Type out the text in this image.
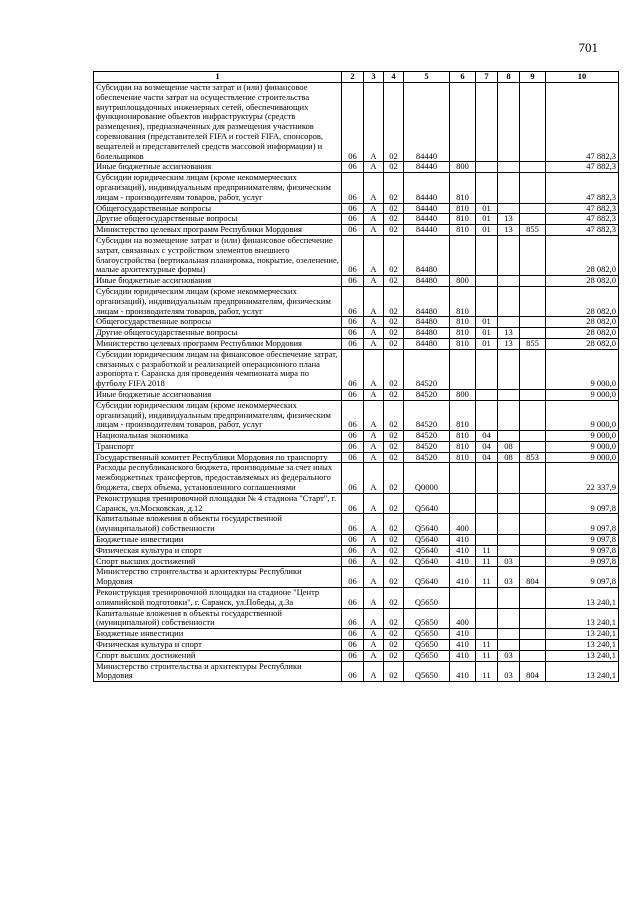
701
1	2	3	4	5	6	7	8	9	10
Субсидии на возмещение части затрат и (или) финансовое обеспечение части затрат на осуществление строительства внутриплощадочных инженерных сетей, обеспечивающих функционирование объектов инфраструктуры (средств размещения), предназначенных для размещения участников соревнования (представителей FIFA и гостей FIFA, спонсоров, вещателей и представителей средств массовой информации) и болельщиков	06	А	02	84440					47 882,3
Иные бюджетные ассигнования	06	А	02	84440	800				47 882,3
Субсидии юридическим лицам (кроме некоммерческих организаций), индивидуальным предпринимателям, физическим лицам - производителям товаров, работ, услуг	06	А	02	84440	810				47 882,3
Общегосударственные вопросы	06	А	02	84440	810	01			47 882,3
Другие общегосударственные вопросы	06	А	02	84440	810	01	13		47 882,3
Министерство целевых программ Республики Мордовия	06	А	02	84440	810	01	13	855	47 882,3
Субсидии на возмещение затрат и (или) финансовое обеспечение затрат, связанных с устройством элементов внешнего благоустройства (вертикальная планировка, покрытие, озеленение, малые архитектурные формы)	06	А	02	84480					28 082,0
Иные бюджетные ассигнования	06	А	02	84480	800				28 082,0
Субсидии юридическим лицам (кроме некоммерческих организаций), индивидуальным предпринимателям, физическим лицам - производителям товаров, работ, услуг	06	А	02	84480	810				28 082,0
Общегосударственные вопросы	06	А	02	84480	810	01			28 082,0
Другие общегосударственные вопросы	06	А	02	84480	810	01	13		28 082,0
Министерство целевых программ Республики Мордовия	06	А	02	84480	810	01	13	855	28 082,0
Субсидии юридическим лицам на финансовое обеспечение затрат, связанных с разработкой и реализацией операционного плана аэропорта г. Саранска для проведения чемпионата мира по футболу FIFA 2018	06	А	02	84520					9 000,0
Иные бюджетные ассигнования	06	А	02	84520	800				9 000,0
Субсидии юридическим лицам (кроме некоммерческих организаций), индивидуальным предпринимателям, физическим лицам - производителям товаров, работ, услуг	06	А	02	84520	810				9 000,0
Национальная экономика	06	А	02	84520	810	04			9 000,0
Транспорт	06	А	02	84520	810	04	08		9 000,0
Государственный комитет Республики Мордовия по транспорту	06	А	02	84520	810	04	08	853	9 000,0
Расходы республиканского бюджета, производимые за счет иных межбюджетных трансфертов, предоставляемых из федерального бюджета, сверх объема, установленного соглашениями	06	А	02	Q0000					22 337,9
Реконструкция тренировочной площадки № 4 стадиона "Старт", г. Саранск, ул.Московская, д.12	06	А	02	Q5640					9 097,8
Капитальные вложения в объекты государственной (муниципальной) собственности	06	А	02	Q5640	400				9 097,8
Бюджетные инвестиции	06	А	02	Q5640	410				9 097,8
Физическая культура и спорт	06	А	02	Q5640	410	11			9 097,8
Спорт высших достижений	06	А	02	Q5640	410	11	03		9 097,8
Министерство строительства и архитектуры Республики Мордовия	06	А	02	Q5640	410	11	03	804	9 097,8
Реконструкция тренировочной площадки на стадионе "Центр олимпийской подготовки", г. Саранск, ул.Победы, д.3а	06	А	02	Q5650					13 240,1
Капитальные вложения в объекты государственной (муниципальной) собственности	06	А	02	Q5650	400				13 240,1
Бюджетные инвестиции	06	А	02	Q5650	410				13 240,1
Физическая культура и спорт	06	А	02	Q5650	410	11			13 240,1
Спорт высших достижений	06	А	02	Q5650	410	11	03		13 240,1
Министерство строительства и архитектуры Республики Мордовия	06	А	02	Q5650	410	11	03	804	13 240,1
